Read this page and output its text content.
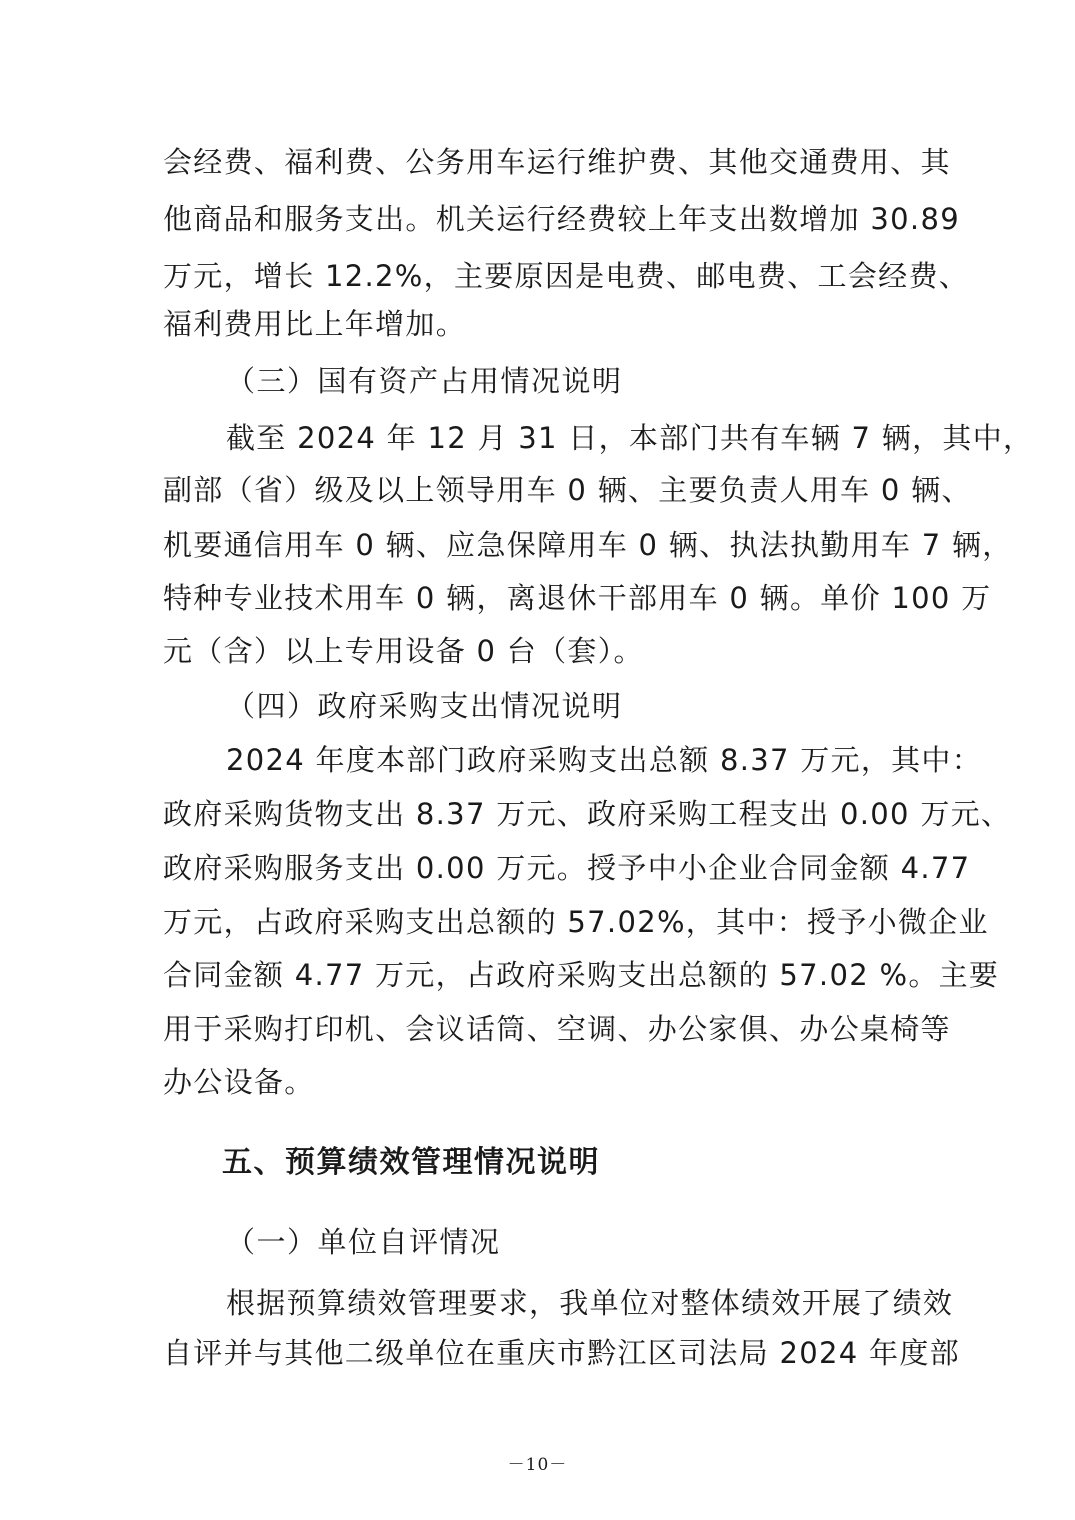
会经费、福利费、公务用车运行维护费、其他交通费用、其
他商品和服务支出。机关运行经费较上年支出数增加 30.89
万元，增长 12.2%，主要原因是电费、邮电费、工会经费、
福利费用比上年增加。
（三）国有资产占用情况说明
截至 2024 年 12 月 31 日，本部门共有车辆 7 辆，其中，
副部（省）级及以上领导用车 0 辆、主要负责人用车 0 辆、
机要通信用车 0 辆、应急保障用车 0 辆、执法执勤用车 7 辆，
特种专业技术用车 0 辆，离退休干部用车 0 辆。单价 100 万
元（含）以上专用设备 0 台（套）。
（四）政府采购支出情况说明
2024 年度本部门政府采购支出总额 8.37 万元，其中：
政府采购货物支出 8.37 万元、政府采购工程支出 0.00 万元、
政府采购服务支出 0.00 万元。授予中小企业合同金额 4.77
万元，占政府采购支出总额的 57.02%，其中：授予小微企业
合同金额 4.77 万元，占政府采购支出总额的 57.02 %。主要
用于采购打印机、会议话筒、空调、办公家俱、办公桌椅等
办公设备。
五、预算绩效管理情况说明
（一）单位自评情况
根据预算绩效管理要求，我单位对整体绩效开展了绩效
自评并与其他二级单位在重庆市黔江区司法局 2024 年度部
－10－
